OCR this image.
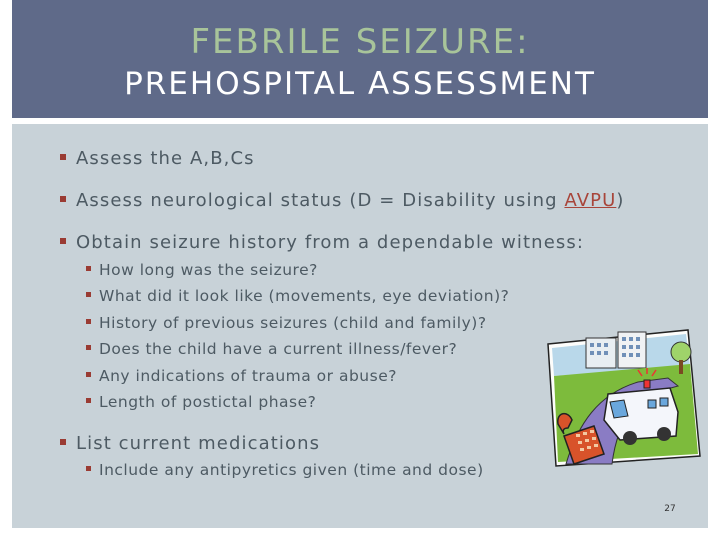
FEBRILE SEIZURE:
PREHOSPITAL ASSESSMENT
Assess the A,B,Cs
Assess neurological status (D = Disability using AVPU)
Obtain seizure history from a dependable witness:
How long was the seizure?
What did it look like (movements, eye deviation)?
History of previous seizures (child and family)?
Does the child have a current illness/fever?
Any indications of trauma or abuse?
Length of postictal phase?
List current medications
Include any antipyretics given (time and dose)
27
